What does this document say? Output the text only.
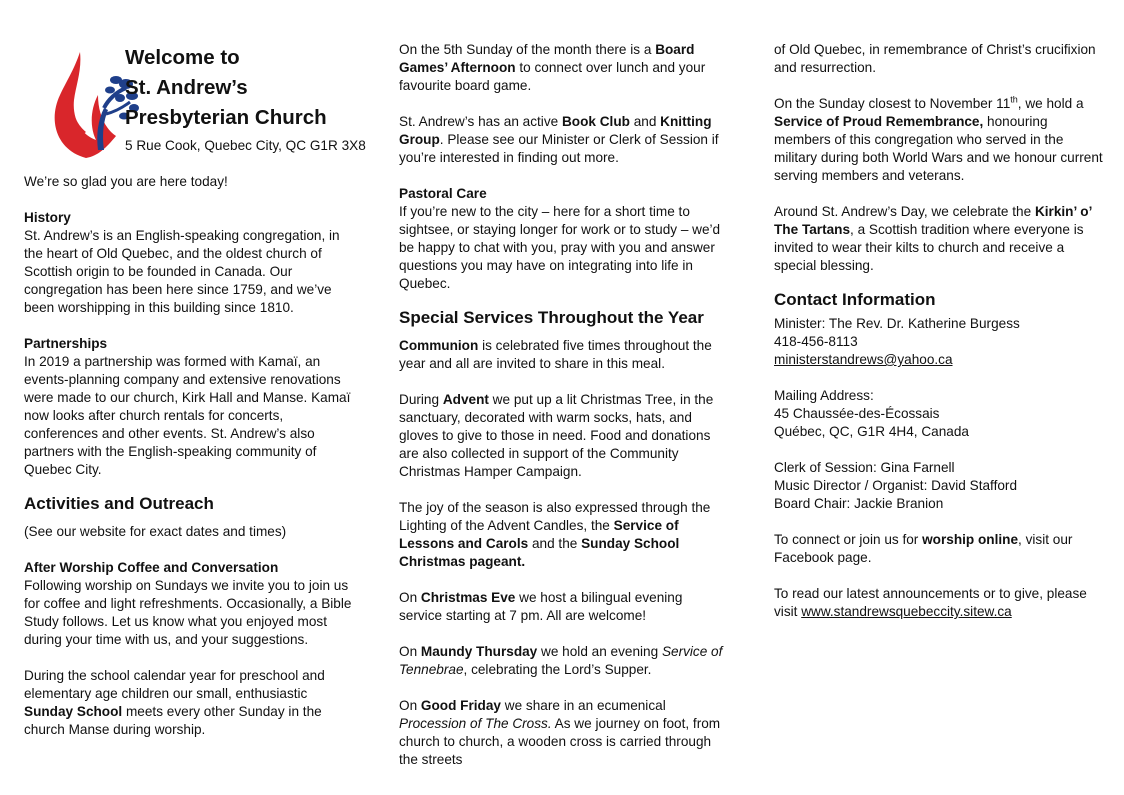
Welcome to
St. Andrew’s
Presbyterian Church
5 Rue Cook, Quebec City, QC G1R 3X8

We’re so glad you are here today!

History
St. Andrew’s is an English-speaking congregation, in the heart of Old Quebec, and the oldest church of Scottish origin to be founded in Canada. Our congregation has been here since 1759, and we’ve been worshipping in this building since 1810.

Partnerships
In 2019 a partnership was formed with Kamaï, an events-planning company and extensive renovations were made to our church, Kirk Hall and Manse. Kamaï now looks after church rentals for concerts, conferences and other events. St. Andrew’s also partners with the English-speaking community of Quebec City.

Activities and Outreach

(See our website for exact dates and times)

After Worship Coffee and Conversation
Following worship on Sundays we invite you to join us for coffee and light refreshments. Occasionally, a Bible Study follows. Let us know what you enjoyed most during your time with us, and your suggestions.

During the school calendar year for preschool and elementary age children our small, enthusiastic Sunday School meets every other Sunday in the church Manse during worship.

On the 5th Sunday of the month there is a Board Games’ Afternoon to connect over lunch and your favourite board game.

St. Andrew’s has an active Book Club and Knitting Group. Please see our Minister or Clerk of Session if you’re interested in finding out more.

Pastoral Care
If you’re new to the city – here for a short time to sightsee, or staying longer for work or to study – we’d be happy to chat with you, pray with you and answer questions you may have on integrating into life in Quebec.

Special Services Throughout the Year

Communion is celebrated five times throughout the year and all are invited to share in this meal.

During Advent we put up a lit Christmas Tree, in the sanctuary, decorated with warm socks, hats, and gloves to give to those in need. Food and donations are also collected in support of the Community Christmas Hamper Campaign.

The joy of the season is also expressed through the Lighting of the Advent Candles, the Service of Lessons and Carols and the Sunday School Christmas pageant.

On Christmas Eve we host a bilingual evening service starting at 7 pm. All are welcome!

On Maundy Thursday we hold an evening Service of Tennebrae, celebrating the Lord’s Supper.

On Good Friday we share in an ecumenical Procession of The Cross. As we journey on foot, from church to church, a wooden cross is carried through the streets

of Old Quebec, in remembrance of Christ’s crucifixion and resurrection.

On the Sunday closest to November 11th, we hold a Service of Proud Remembrance, honouring members of this congregation who served in the military during both World Wars and we honour current serving members and veterans.

Around St. Andrew’s Day, we celebrate the Kirkin’ o’ The Tartans, a Scottish tradition where everyone is invited to wear their kilts to church and receive a special blessing.

Contact Information

Minister: The Rev. Dr. Katherine Burgess
418-456-8113
ministerstandrews@yahoo.ca

Mailing Address:
45 Chaussée-des-Écossais
Québec, QC, G1R 4H4, Canada

Clerk of Session: Gina Farnell
Music Director / Organist: David Stafford
Board Chair: Jackie Branion

To connect or join us for worship online, visit our Facebook page.

To read our latest announcements or to give, please visit www.standrewsquebeccity.sitew.ca
